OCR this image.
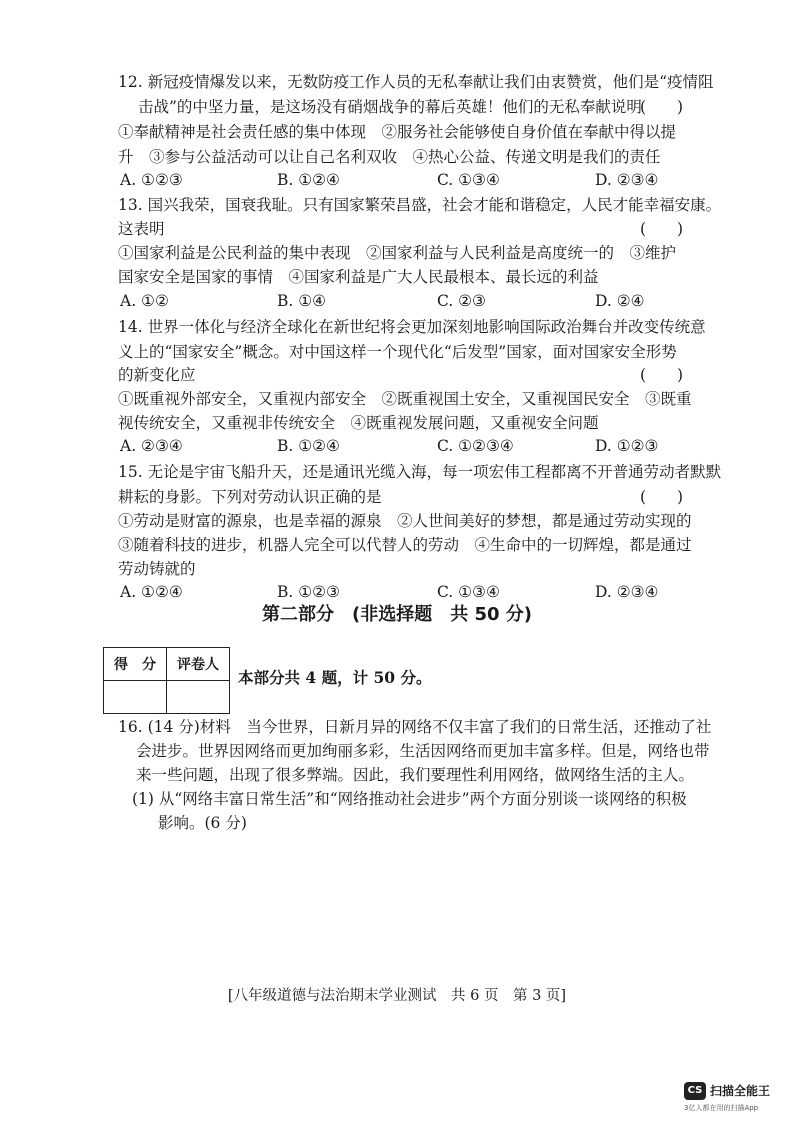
12. 新冠疫情爆发以来，无数防疫工作人员的无私奉献让我们由衷赞赏，他们是“疫情阻
击战”的中坚力量，是这场没有硝烟战争的幕后英雄！他们的无私奉献说明
(　　)
①奉献精神是社会责任感的集中体现　②服务社会能够使自身价值在奉献中得以提
升　③参与公益活动可以让自己名利双收　④热心公益、传递文明是我们的责任
A. ①②③	B. ①②④	C. ①③④	D. ②③④
13. 国兴我荣，国衰我耻。只有国家繁荣昌盛，社会才能和谐稳定，人民才能幸福安康。
这表明	(　　)
①国家利益是公民利益的集中表现　②国家利益与人民利益是高度统一的　③维护
国家安全是国家的事情　④国家利益是广大人民最根本、最长远的利益
A. ①②	B. ①④	C. ②③	D. ②④
14. 世界一体化与经济全球化在新世纪将会更加深刻地影响国际政治舞台并改变传统意
义上的“国家安全”概念。对中国这样一个现代化“后发型”国家，面对国家安全形势
的新变化应	(　　)
①既重视外部安全，又重视内部安全　②既重视国土安全，又重视国民安全　③既重
视传统安全，又重视非传统安全　④既重视发展问题，又重视安全问题
A. ②③④	B. ①②④	C. ①②③④	D. ①②③
15. 无论是宇宙飞船升天，还是通讯光缆入海，每一项宏伟工程都离不开普通劳动者默默
耕耘的身影。下列对劳动认识正确的是	(　　)
①劳动是财富的源泉，也是幸福的源泉　②人世间美好的梦想，都是通过劳动实现的
③随着科技的进步，机器人完全可以代替人的劳动　④生命中的一切辉煌，都是通过
劳动铸就的
A. ①②④	B. ①②③	C. ①③④	D. ②③④
第二部分　(非选择题　共 50 分)
得　分	评卷人

本部分共 4 题，计 50 分。
16. (14 分)材料　当今世界，日新月异的网络不仅丰富了我们的日常生活，还推动了社
会进步。世界因网络而更加绚丽多彩，生活因网络而更加丰富多样。但是，网络也带
来一些问题，出现了很多弊端。因此，我们要理性利用网络，做网络生活的主人。
(1) 从“网络丰富日常生活”和“网络推动社会进步”两个方面分别谈一谈网络的积极
影响。(6 分)
[八年级道德与法治期末学业测试　共 6 页　第 3 页]
CS 扫描全能王
3亿人都在用的扫描App
